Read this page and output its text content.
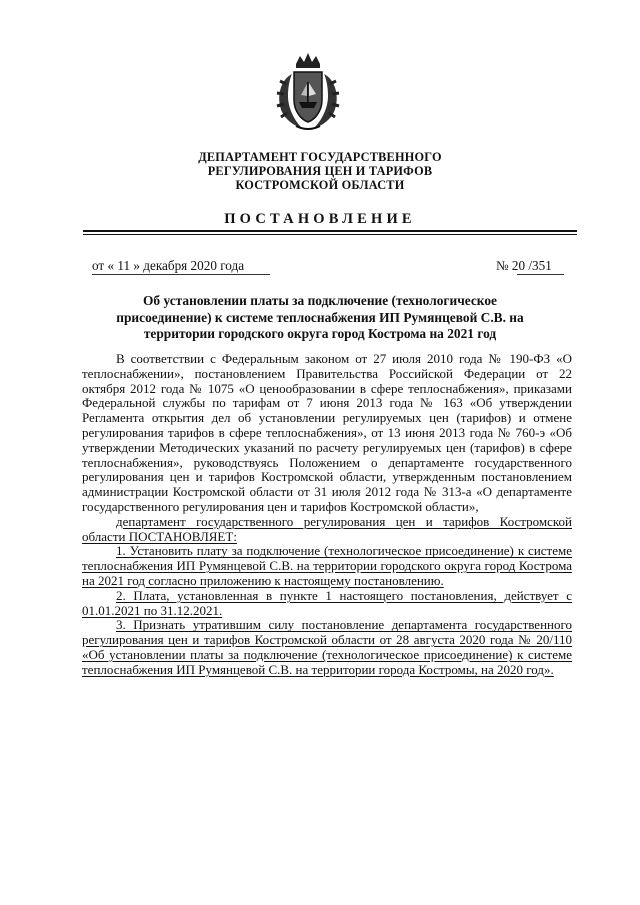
ДЕПАРТАМЕНТ ГОСУДАРСТВЕННОГО
РЕГУЛИРОВАНИЯ ЦЕН И ТАРИФОВ
КОСТРОМСКОЙ ОБЛАСТИ
ПОСТАНОВЛЕНИЕ
от « 11 » декабря 2020 года	№ 20 /351
Об установлении платы за подключение (технологическое
присоединение) к системе теплоснабжения ИП Румянцевой С.В. на
территории городского округа город Кострома на 2021 год

В соответствии с Федеральным законом от 27 июля 2010 года № 190-ФЗ «О теплоснабжении», постановлением Правительства Российской Федерации от 22 октября 2012 года № 1075 «О ценообразовании в сфере теплоснабжения», приказами Федеральной службы по тарифам от 7 июня 2013 года № 163 «Об утверждении Регламента открытия дел об установлении регулируемых цен (тарифов) и отмене регулирования тарифов в сфере теплоснабжения», от 13 июня 2013 года № 760-э «Об утверждении Методических указаний по расчету регулируемых цен (тарифов) в сфере теплоснабжения», руководствуясь Положением о департаменте государственного регулирования цен и тарифов Костромской области, утвержденным постановлением администрации Костромской области от 31 июля 2012 года № 313-а «О департаменте государственного регулирования цен и тарифов Костромской области»,

департамент государственного регулирования цен и тарифов Костромской области ПОСТАНОВЛЯЕТ:

1. Установить плату за подключение (технологическое присоединение) к системе теплоснабжения ИП Румянцевой С.В. на территории городского округа город Кострома на 2021 год согласно приложению к настоящему постановлению.

2. Плата, установленная в пункте 1 настоящего постановления, действует с 01.01.2021 по 31.12.2021.

3. Признать утратившим силу постановление департамента государственного регулирования цен и тарифов Костромской области от 28 августа 2020 года № 20/110 «Об установлении платы за подключение (технологическое присоединение) к системе теплоснабжения ИП Румянцевой С.В. на территории города Костромы, на 2020 год».
